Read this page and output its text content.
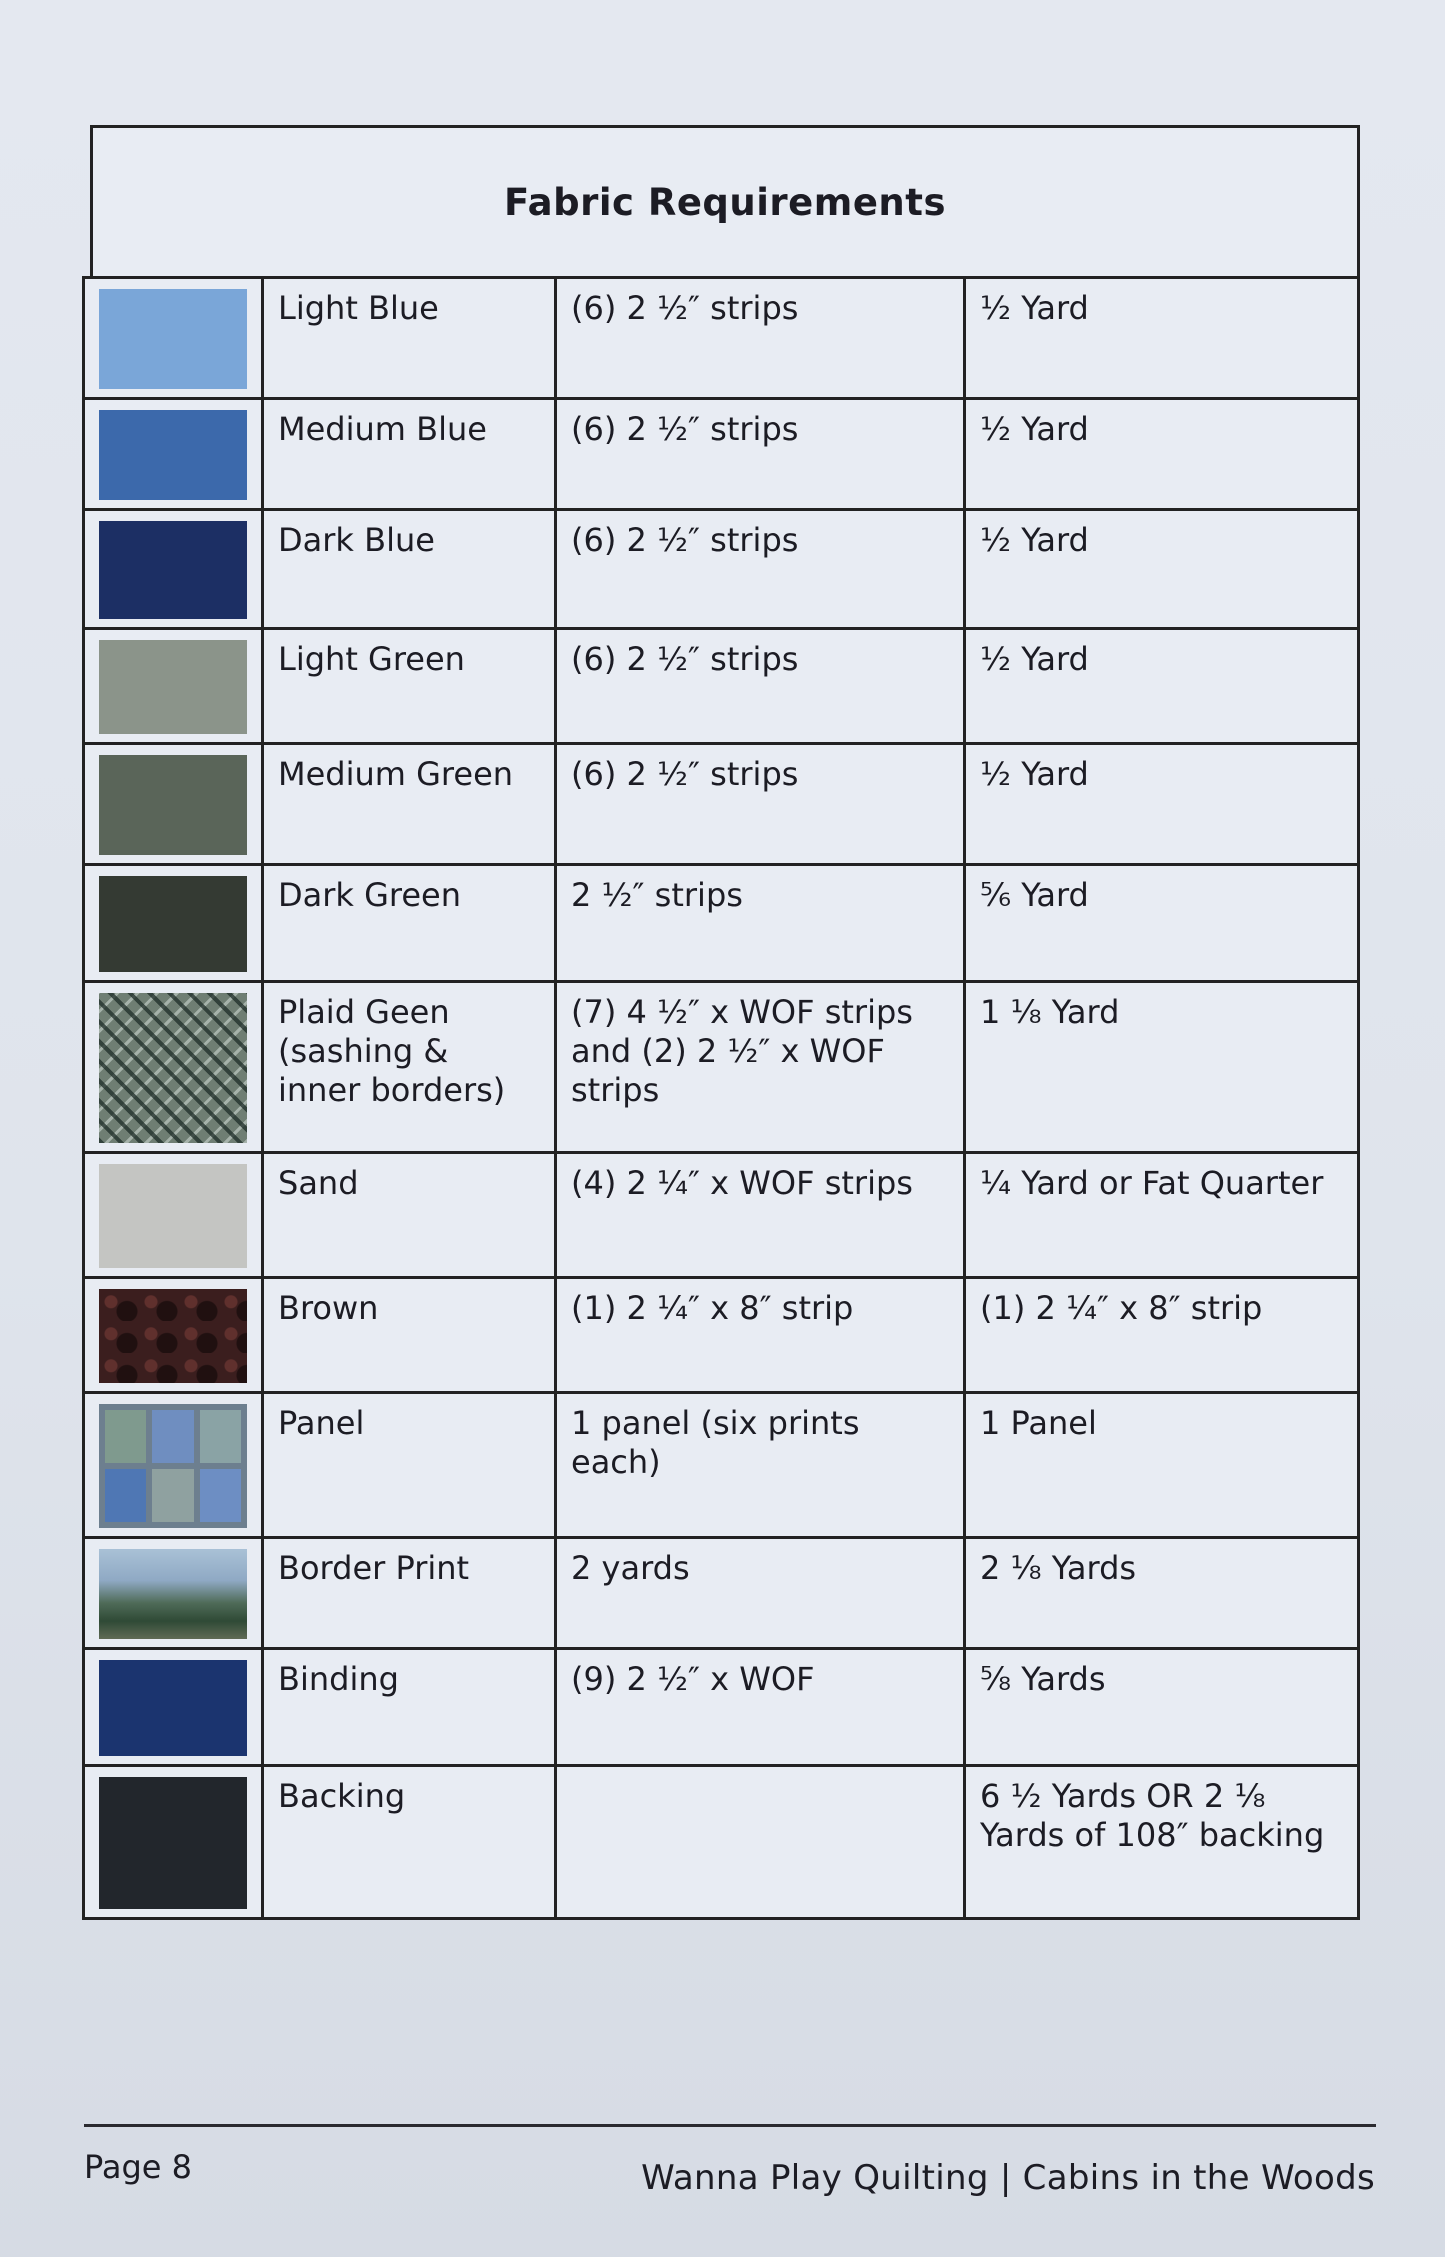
Fabric Requirements
	Light Blue	(6) 2 ½″ strips	½ Yard

	Medium Blue	(6) 2 ½″ strips	½ Yard

	Dark Blue	(6) 2 ½″ strips	½ Yard

	Light Green	(6) 2 ½″ strips	½ Yard

	Medium Green	(6) 2 ½″ strips	½ Yard

	Dark Green	2 ½″ strips	⅚ Yard

	Plaid Geen (sashing & inner borders)	(7) 4 ½″ x WOF strips and (2) 2 ½″ x WOF strips	1 ⅛ Yard

	Sand	(4) 2 ¼″ x WOF strips	¼ Yard or Fat Quarter

	Brown	(1) 2 ¼″ x 8″ strip	(1) 2 ¼″ x 8″ strip

	Panel	1 panel (six prints each)	1 Panel

	Border Print	2 yards	2 ⅛ Yards

	Binding	(9) 2 ½″ x WOF	⅝ Yards

	Backing		6 ½ Yards OR 2 ⅛ Yards of 108″ backing
Page 8	Wanna Play Quilting | Cabins in the Woods
